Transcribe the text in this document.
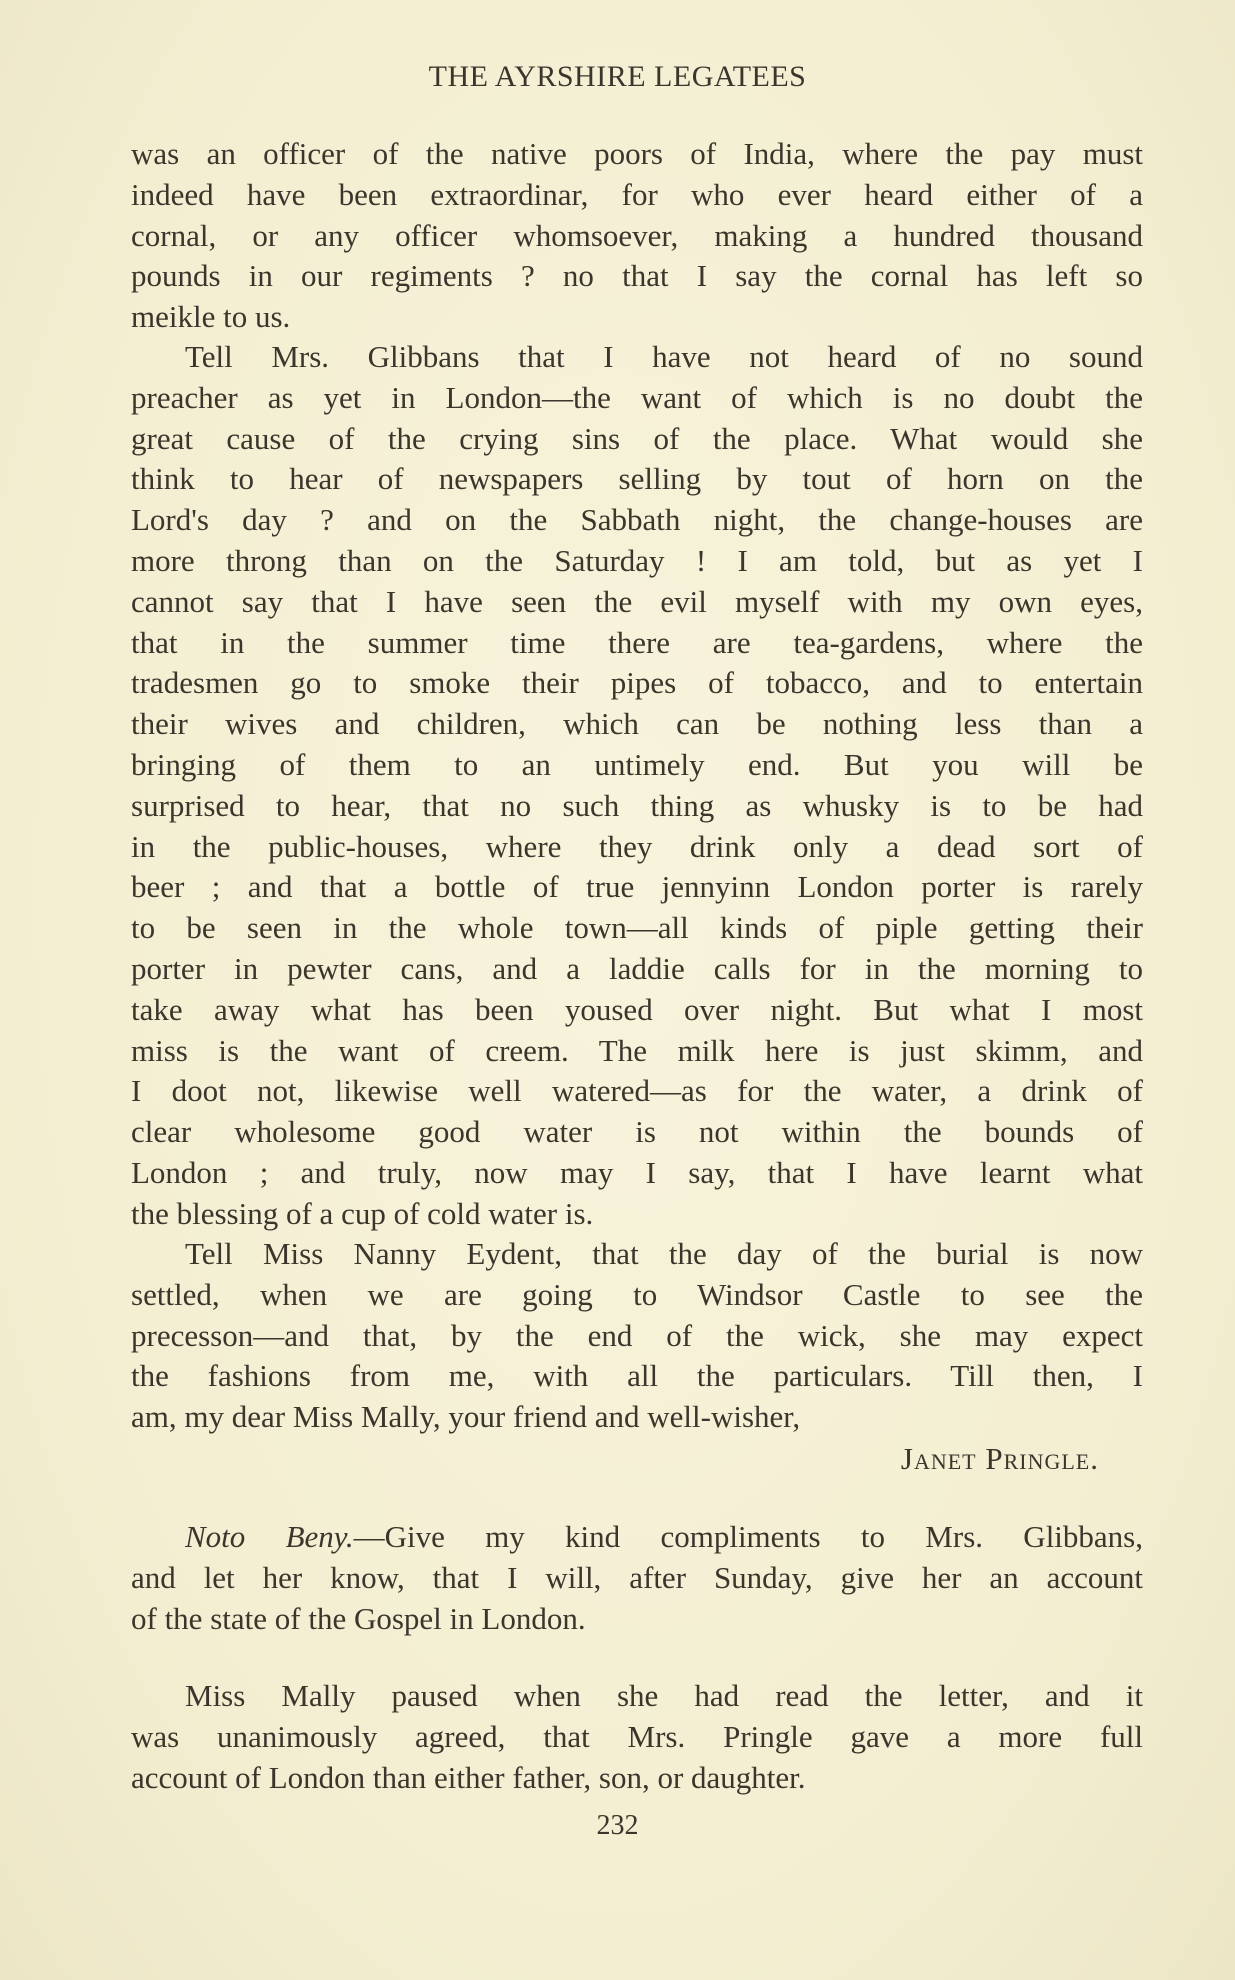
THE AYRSHIRE LEGATEES
was an officer of the native poors of India, where the pay must
indeed have been extraordinar, for who ever heard either of a
cornal, or any officer whomsoever, making a hundred thousand
pounds in our regiments ? no that I say the cornal has left so
meikle to us.
Tell Mrs. Glibbans that I have not heard of no sound
preacher as yet in London—the want of which is no doubt the
great cause of the crying sins of the place. What would she
think to hear of newspapers selling by tout of horn on the
Lord's day ? and on the Sabbath night, the change-houses are
more throng than on the Saturday ! I am told, but as yet I
cannot say that I have seen the evil myself with my own eyes,
that in the summer time there are tea-gardens, where the
tradesmen go to smoke their pipes of tobacco, and to entertain
their wives and children, which can be nothing less than a
bringing of them to an untimely end. But you will be
surprised to hear, that no such thing as whusky is to be had
in the public-houses, where they drink only a dead sort of
beer ; and that a bottle of true jennyinn London porter is rarely
to be seen in the whole town—all kinds of piple getting their
porter in pewter cans, and a laddie calls for in the morning to
take away what has been yoused over night. But what I most
miss is the want of creem. The milk here is just skimm, and
I doot not, likewise well watered—as for the water, a drink of
clear wholesome good water is not within the bounds of
London ; and truly, now may I say, that I have learnt what
the blessing of a cup of cold water is.
Tell Miss Nanny Eydent, that the day of the burial is now
settled, when we are going to Windsor Castle to see the
precesson—and that, by the end of the wick, she may expect
the fashions from me, with all the particulars. Till then, I
am, my dear Miss Mally, your friend and well-wisher,
Janet Pringle.
Noto Beny.—Give my kind compliments to Mrs. Glibbans,
and let her know, that I will, after Sunday, give her an account
of the state of the Gospel in London.
Miss Mally paused when she had read the letter, and it
was unanimously agreed, that Mrs. Pringle gave a more full
account of London than either father, son, or daughter.
232
